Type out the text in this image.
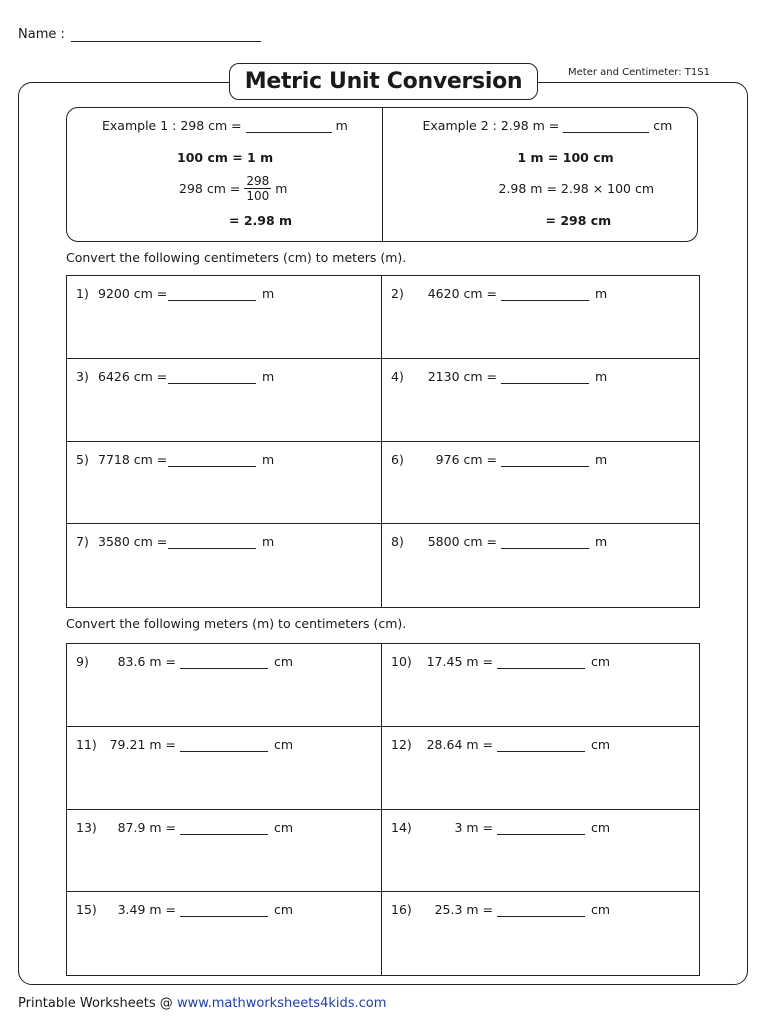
Name :
Metric Unit Conversion	Meter and Centimeter: T1S1
Example 1 : 298 cm =	m
100 cm = 1 m
298 cm = $\frac{298}{100}$ m
= 2.98 m
Example 2 : 2.98 m =	cm
1 m = 100 cm
2.98 m = 2.98 × 100 cm
= 298 cm
Convert the following centimeters (cm) to meters (m).
1) 9200 cm =	m	2)	4620 cm =	m
3) 6426 cm =	m	4)	2130 cm =	m
5) 7718 cm =	m	6)	976 cm =	m
7) 3580 cm =	m	8)	5800 cm =	m
Convert the following meters (m) to centimeters (cm).
9)	83.6 m =	cm	10)	17.45 m =	cm
11)	79.21 m =	cm	12)	28.64 m =	cm
13)	87.9 m =	cm	14)	3 m =	cm
15)	3.49 m =	cm	16)	25.3 m =	cm
Printable Worksheets @ www.mathworksheets4kids.com
